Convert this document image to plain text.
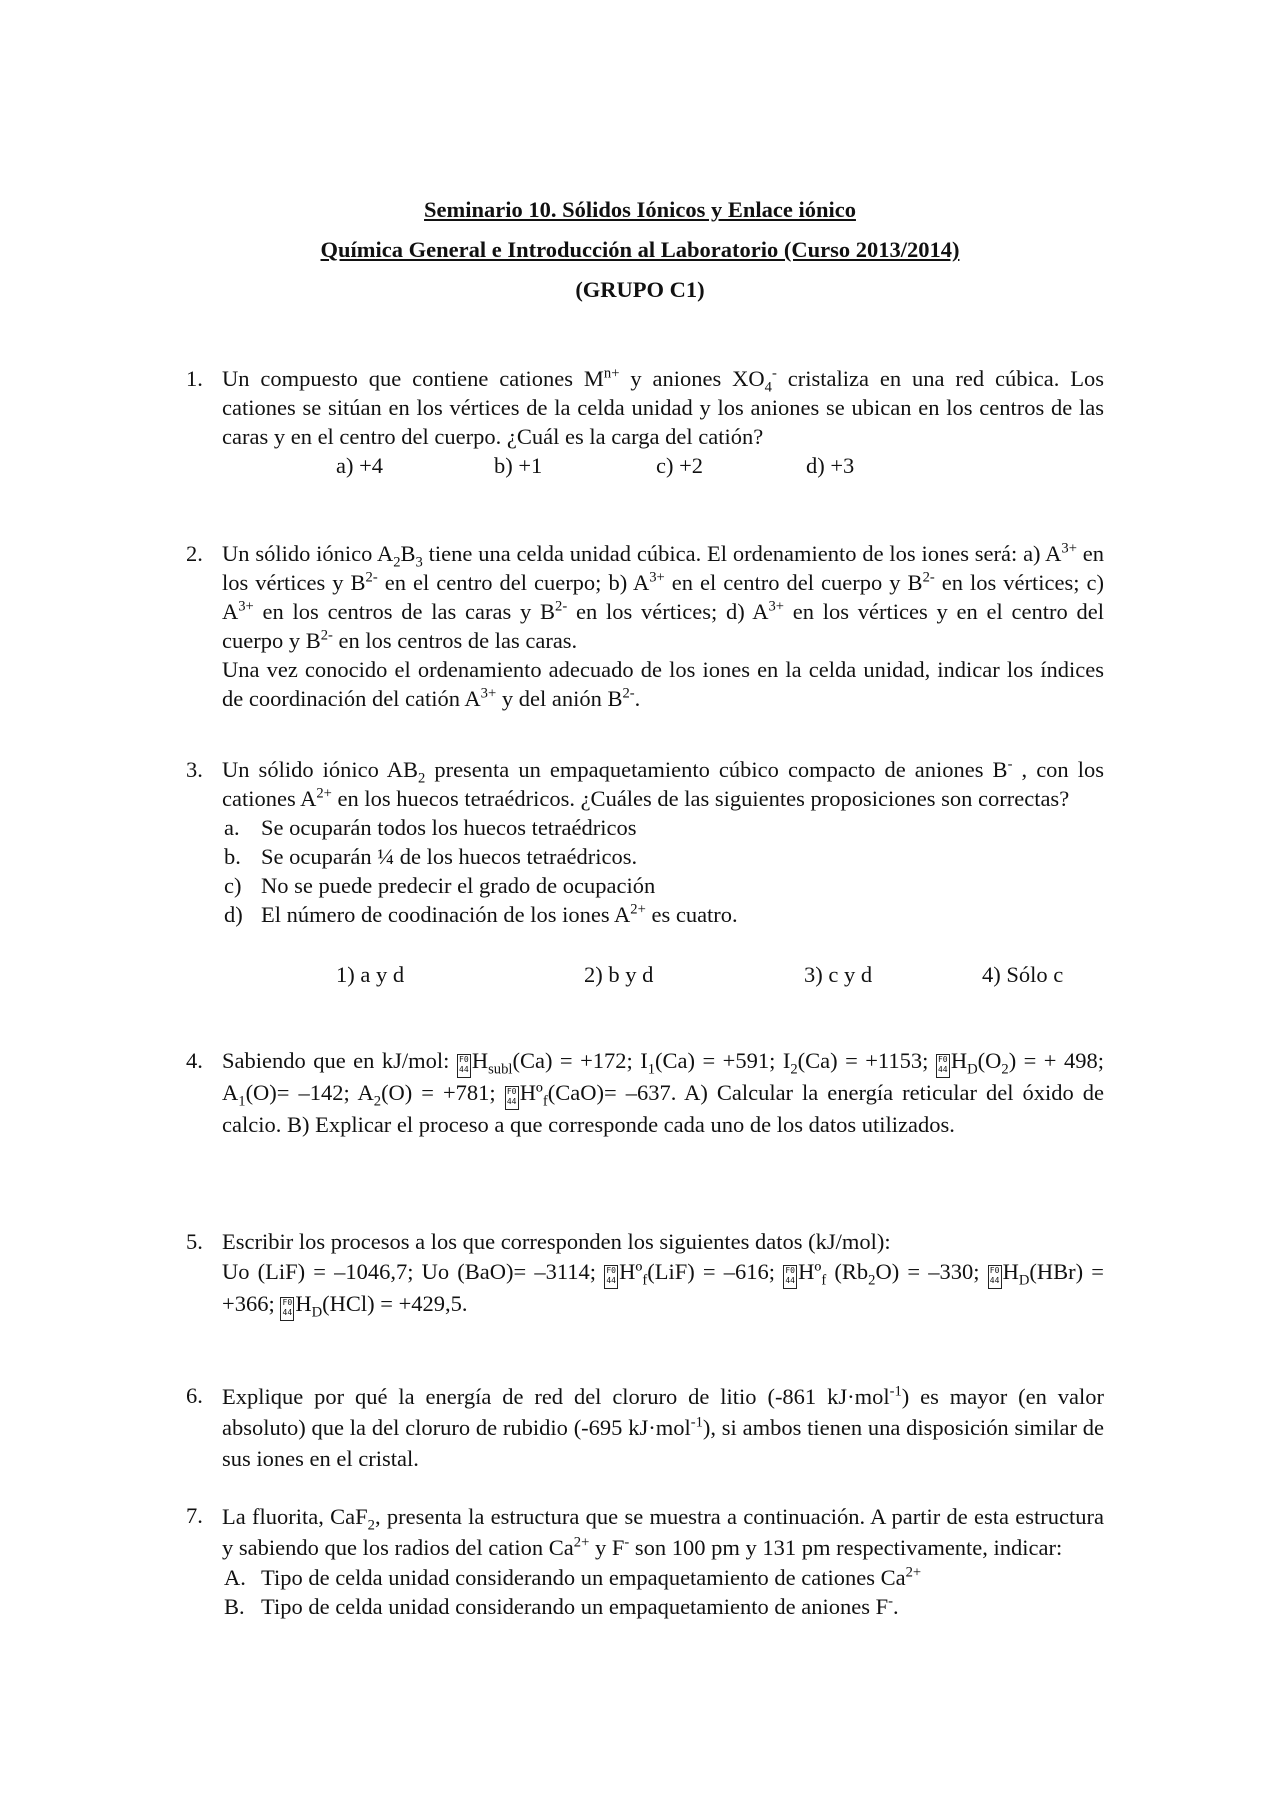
Seminario 10. Sólidos Iónicos y Enlace iónico
Química General e Introducción al Laboratorio (Curso 2013/2014)
(GRUPO C1)
1. Un compuesto que contiene cationes $M^{n+}$ y aniones $XO_4^-$ cristaliza en una red cúbica. Los cationes se sitúan en los vértices de la celda unidad y los aniones se ubican en los centros de las caras y en el centro del cuerpo. ¿Cuál es la carga del catión?
a) +4	b) +1	c) +2	d) +3
2. Un sólido iónico $A_2B_3$ tiene una celda unidad cúbica. El ordenamiento de los iones será: a) $A^{3+}$ en los vértices y $B^{2-}$ en el centro del cuerpo; b) $A^{3+}$ en el centro del cuerpo y $B^{2-}$ en los vértices; c) $A^{3+}$ en los centros de las caras y $B^{2-}$ en los vértices; d) $A^{3+}$ en los vértices y en el centro del cuerpo y $B^{2-}$ en los centros de las caras.
Una vez conocido el ordenamiento adecuado de los iones en la celda unidad, indicar los índices de coordinación del catión $A^{3+}$ y del anión $B^{2-}$.
3. Un sólido iónico $AB_2$ presenta un empaquetamiento cúbico compacto de aniones B- , con los cationes $A^{2+}$ en los huecos tetraédricos. ¿Cuáles de las siguientes proposiciones son correctas?
a. Se ocuparán todos los huecos tetraédricos
b. Se ocuparán ¼ de los huecos tetraédricos.
c) No se puede predecir el grado de ocupación
d) El número de coodinación de los iones $A^{2+}$ es cuatro.
1) a y d	2) b y d	3) c y d	4) Sólo c
4. Sabiendo que en kJ/mol: F0 44 $H_{subl}(Ca) = +172$; $I_1(Ca) = +591$; $I_2(Ca) = +1153$; F0 44 $H_D(O_2)$ = + 498; $A_1(O)= -142$; $A_2(O) = +781$; F0 44 Hº$_f$(CaO)= –637. A) Calcular la energía reticular del óxido de calcio. B) Explicar el proceso a que corresponde cada uno de los datos utilizados.
5. Escribir los procesos a los que corresponden los siguientes datos (kJ/mol):
Uo (LiF) = –1046,7; Uo (BaO)= –3114; F0 44 Hº$_f$(LiF) = –616; F0 44 Hº$_f$ $(Rb_2O) = -330$; F0 44 $H_D(HBr) = +366$; F0 44 $H_D(HCl) = +429,5$.
6. Explique por qué la energía de red del cloruro de litio (-861 kJ·mol$^{-1}$) es mayor (en valor absoluto) que la del cloruro de rubidio (-695 kJ·mol$^{-1}$), si ambos tienen una disposición similar de sus iones en el cristal.
7. La fluorita, CaF$_2$, presenta la estructura que se muestra a continuación. A partir de esta estructura y sabiendo que los radios del cation $Ca^{2+}$ y F- son 100 pm y 131 pm respectivamente, indicar:
A. Tipo de celda unidad considerando un empaquetamiento de cationes $Ca^{2+}$
B. Tipo de celda unidad considerando un empaquetamiento de aniones F-.
